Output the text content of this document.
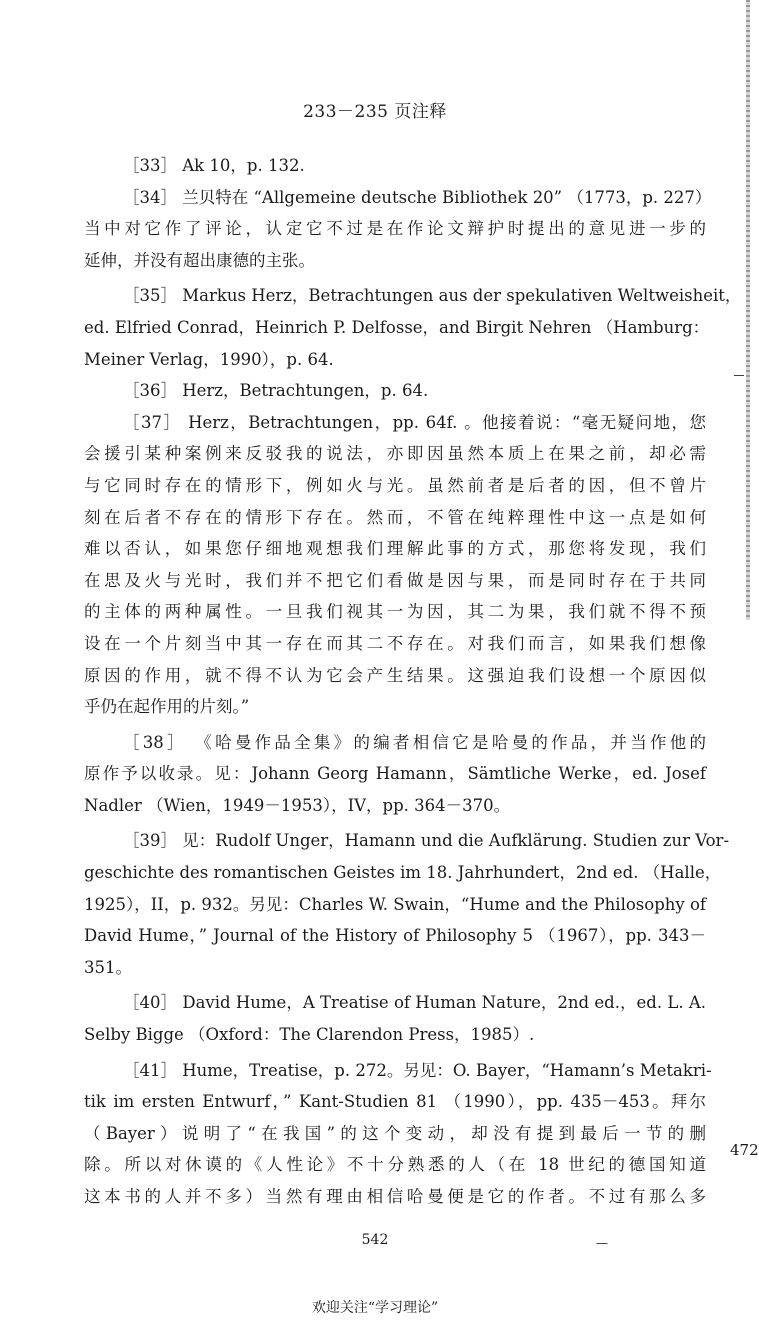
233－235 页注释
［33］ Ak 10，p. 132.
［34］ 兰贝特在 “Allgemeine deutsche Bibliothek 20” （1773，p. 227）
当中对它作了评论，认定它不过是在作论文辩护时提出的意见进一步的
延伸，并没有超出康德的主张。
［35］ Markus Herz，Betrachtungen aus der spekulativen Weltweisheit，
ed. Elfried Conrad，Heinrich P. Delfosse，and Birgit Nehren （Hamburg：
Meiner Verlag，1990），p. 64.
［36］ Herz，Betrachtungen，p. 64.
［37］ Herz，Betrachtungen，pp. 64f. 。他接着说：“毫无疑问地，您
会援引某种案例来反驳我的说法，亦即因虽然本质上在果之前，却必需
与它同时存在的情形下，例如火与光。虽然前者是后者的因，但不曾片
刻在后者不存在的情形下存在。然而，不管在纯粹理性中这一点是如何
难以否认，如果您仔细地观想我们理解此事的方式，那您将发现，我们
在思及火与光时，我们并不把它们看做是因与果，而是同时存在于共同
的主体的两种属性。一旦我们视其一为因，其二为果，我们就不得不预
设在一个片刻当中其一存在而其二不存在。对我们而言，如果我们想像
原因的作用，就不得不认为它会产生结果。这强迫我们设想一个原因似
乎仍在起作用的片刻。”
［38］ 《哈曼作品全集》的编者相信它是哈曼的作品，并当作他的
原作予以收录。见：Johann Georg Hamann，Sämtliche Werke，ed. Josef
Nadler （Wien，1949－1953），IV，pp. 364－370。
［39］ 见：Rudolf Unger，Hamann und die Aufklärung. Studien zur Vor-
geschichte des romantischen Geistes im 18. Jahrhundert，2nd ed. （Halle，
1925），II，p. 932。另见：Charles W. Swain，“Hume and the Philosophy of
David Hume，” Journal of the History of Philosophy 5 （1967），pp. 343－
351。
［40］ David Hume，A Treatise of Human Nature，2nd ed.，ed. L. A.
Selby Bigge （Oxford：The Clarendon Press，1985）.
［41］ Hume，Treatise，p. 272。另见：O. Bayer，“Hamann’s Metakri-
tik im ersten Entwurf，” Kant-Studien 81 （1990），pp. 435－453。拜尔
（Bayer）说明了“在我国”的这个变动，却没有提到最后一节的删
除。所以对休谟的《人性论》不十分熟悉的人（在 18 世纪的德国知道
这本书的人并不多）当然有理由相信哈曼便是它的作者。不过有那么多
472
542	—
欢迎关注“学习理论”
